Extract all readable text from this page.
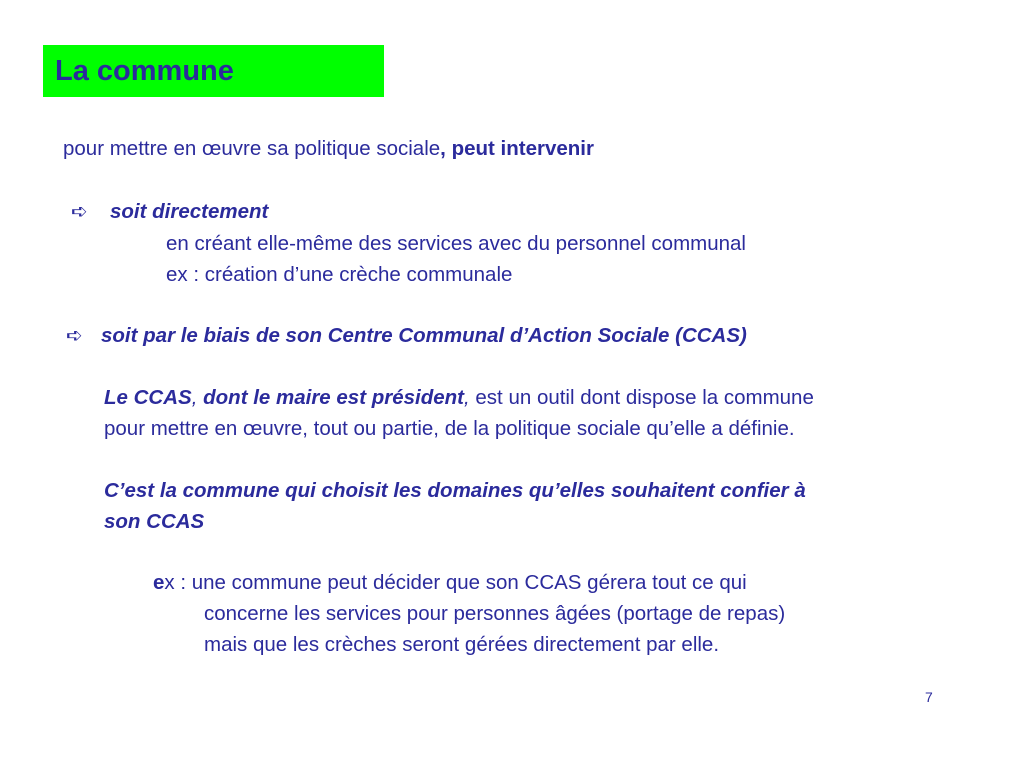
La commune
pour mettre en œuvre sa politique sociale, peut intervenir
➪ soit directement
en créant elle-même des services avec du personnel communal
ex : création d’une crèche communale
➪ soit par le biais de son Centre Communal d’Action Sociale (CCAS)
Le CCAS, dont le maire est président, est un outil dont dispose la commune
pour mettre en œuvre, tout ou partie, de la politique sociale qu’elle a définie.
C’est la commune qui choisit les domaines qu’elles souhaitent confier à
son CCAS
ex : une commune peut décider que son CCAS gérera tout ce qui
concerne les services pour personnes âgées (portage de repas)
mais que les crèches seront gérées directement par elle.
7
